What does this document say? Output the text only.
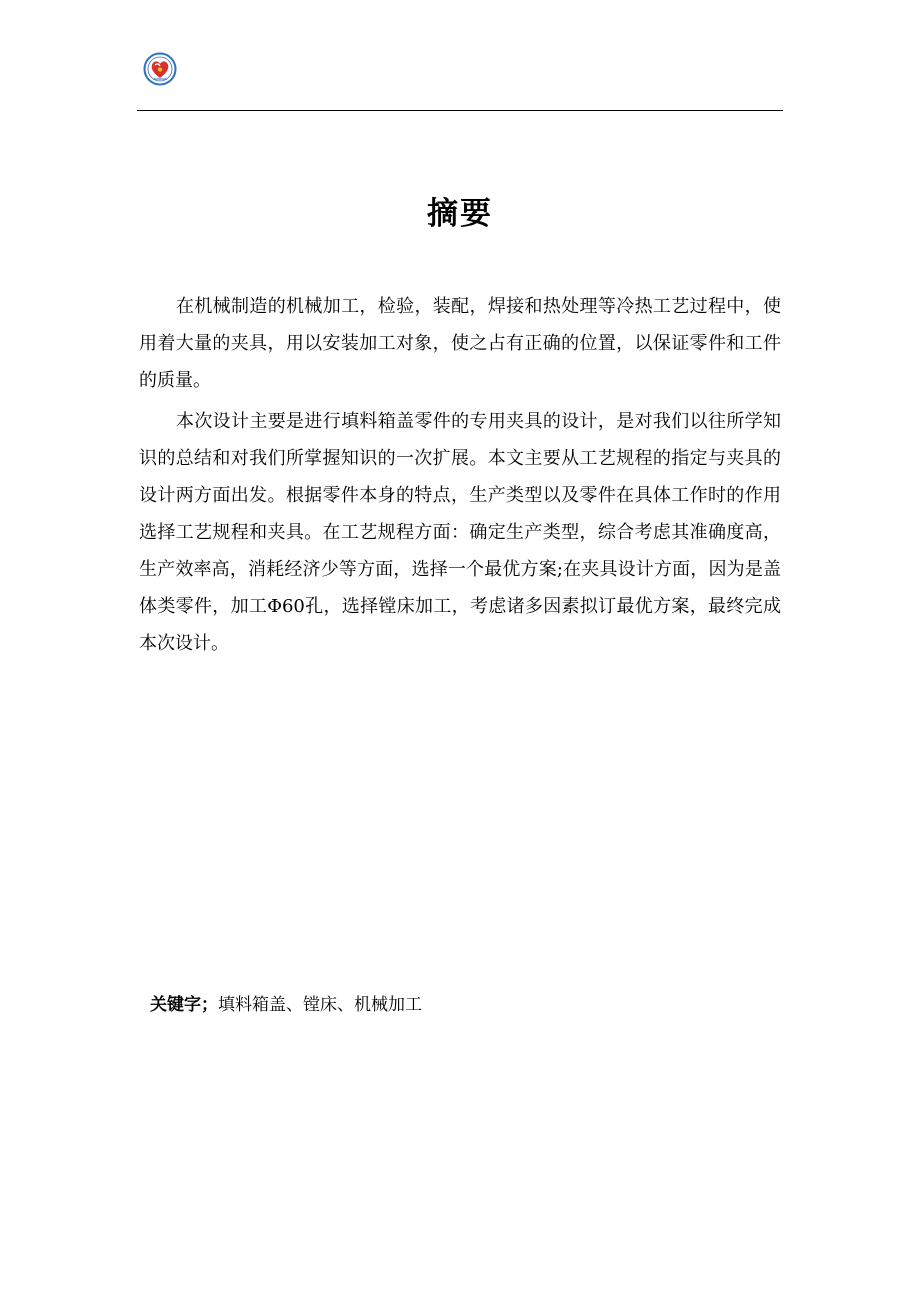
摘要

在机械制造的机械加工，检验，装配，焊接和热处理等冷热工艺过程中，使用着大量的夹具，用以安装加工对象，使之占有正确的位置，以保证零件和工件的质量。

本次设计主要是进行填料箱盖零件的专用夹具的设计，是对我们以往所学知识的总结和对我们所掌握知识的一次扩展。本文主要从工艺规程的指定与夹具的设计两方面出发。根据零件本身的特点，生产类型以及零件在具体工作时的作用选择工艺规程和夹具。在工艺规程方面：确定生产类型，综合考虑其准确度高，生产效率高，消耗经济少等方面，选择一个最优方案;在夹具设计方面，因为是盖体类零件，加工Φ60孔，选择镗床加工，考虑诸多因素拟订最优方案，最终完成本次设计。

关键字；填料箱盖、镗床、机械加工
